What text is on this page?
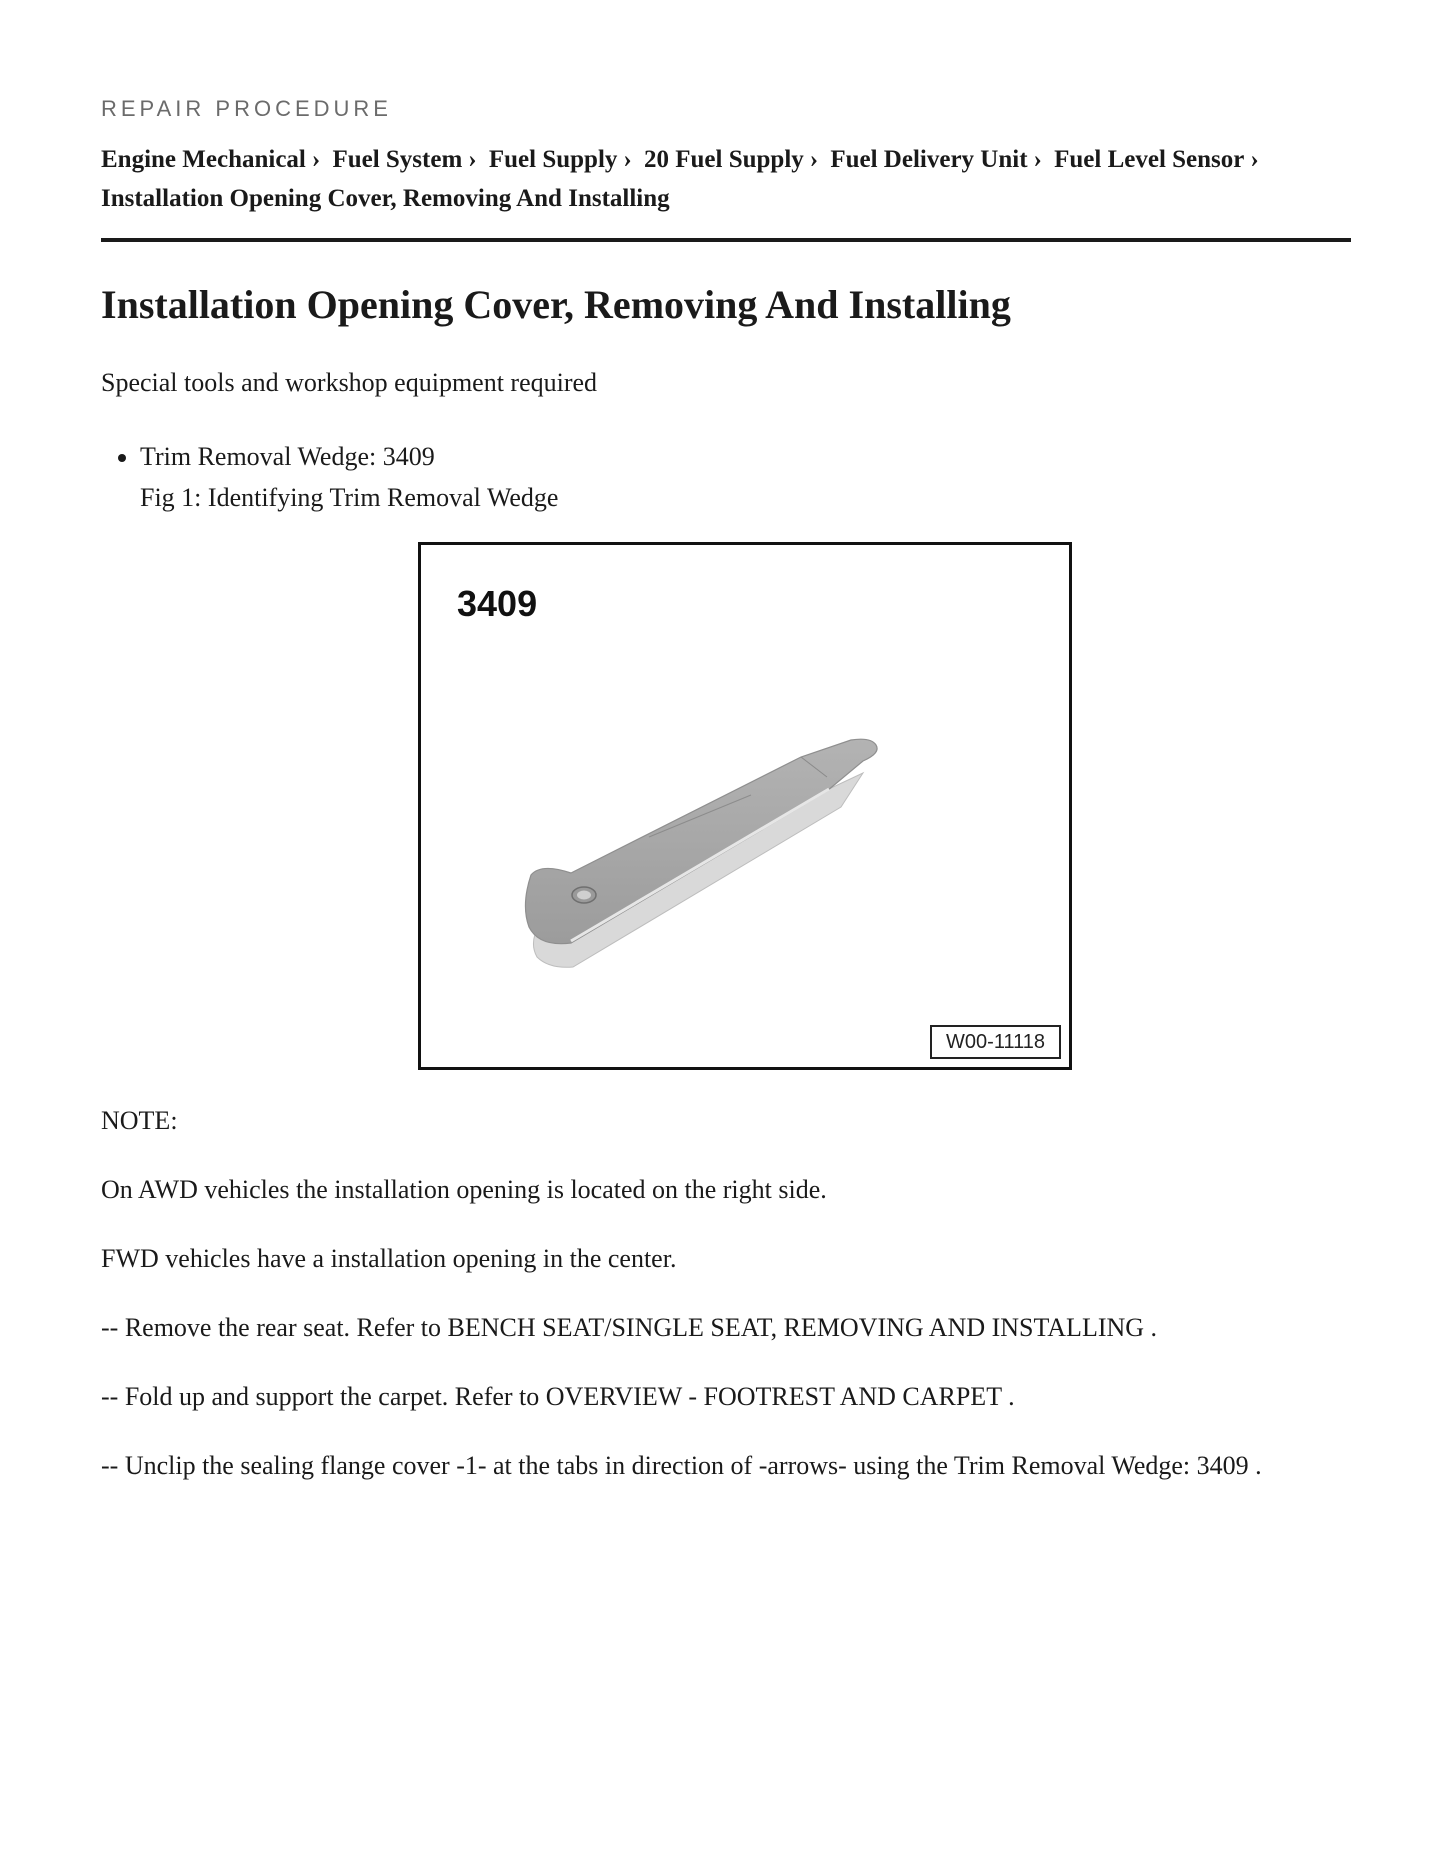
REPAIR PROCEDURE
Engine Mechanical › Fuel System › Fuel Supply › 20 Fuel Supply › Fuel Delivery Unit › Fuel Level Sensor › Installation Opening Cover, Removing And Installing
Installation Opening Cover, Removing And Installing

Special tools and workshop equipment required

• Trim Removal Wedge: 3409
Fig 1: Identifying Trim Removal Wedge
3409
W00-11118

NOTE:

On AWD vehicles the installation opening is located on the right side.

FWD vehicles have a installation opening in the center.

-- Remove the rear seat. Refer to BENCH SEAT/SINGLE SEAT, REMOVING AND INSTALLING .

-- Fold up and support the carpet. Refer to OVERVIEW - FOOTREST AND CARPET .

-- Unclip the sealing flange cover -1- at the tabs in direction of -arrows- using the Trim Removal Wedge: 3409 .
